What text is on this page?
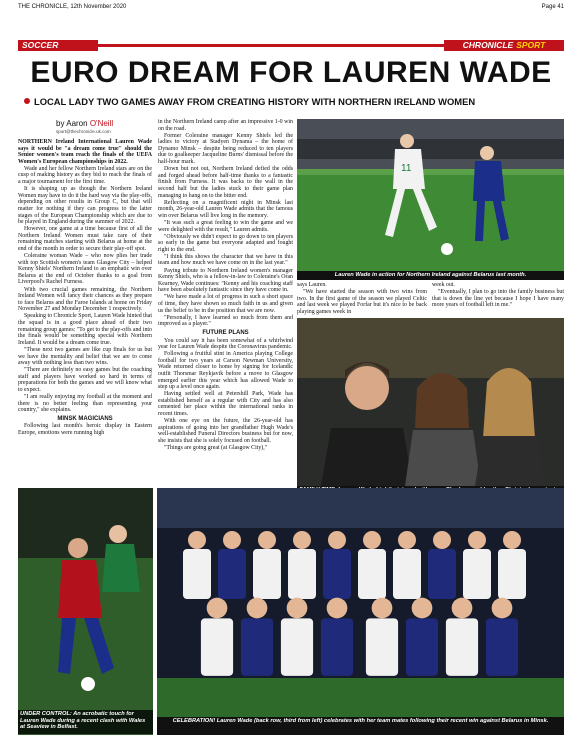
THE CHRONICLE, 12th November 2020	Page 41
SOCCER	CHRONICLE SPORT
EURO DREAM FOR LAUREN WADE
LOCAL LADY TWO GAMES AWAY FROM CREATING HISTORY WITH NORTHERN IRELAND WOMEN
by Aaron O'Neill
sport@thechronicle.uk.com

NORTHERN Ireland International Lauren Wade says it would be "a dream come true" should the Senior women's team reach the finals of the UEFA Women's European championships in 2022.

Wade and her fellow Northern Ireland stars are on the cusp of making history as they bid to reach the finals of a major tournament for the first time.

It is shaping up as though the Northern Ireland Women may have to do it the hard way via the play-offs, depending on other results in Group C, but that will matter for nothing if they can progress to the latter stages of the European Championship which are due to be played in England during the summer of 2022.

However, one game at a time because first of all the Northern Ireland Women must take care of their remaining matches starting with Belarus at home at the end of the month in order to secure their play-off spot.

Coleraine woman Wade – who now plies her trade with top Scottish women's team Glasgow City – helped Kenny Shiels' Northern Ireland to an emphatic win over Belarus at the end of October thanks to a goal from Liverpool's Rachel Furness.

With two crucial games remaining, the Northern Ireland Women will fancy their chances as they prepare to face Belarus and the Faroe Islands at home on Friday November 27 and Monday December 1 respectively.

Speaking to Chronicle Sport, Lauren Wade hinted that the squad is in a good place ahead of their two remaining group games: "To get to the play-offs and into the finals would be something special with Northern Ireland. It would be a dream come true.

"These next two games are like cup finals for us but we have the mentality and belief that we are to come away with nothing less than two wins.

"There are definitely no easy games but the coaching staff and players have worked so hard in terms of preparations for both the games and we will know what to expect.

"I am really enjoying my football at the moment and there is no better feeling than representing your country," she explains.

MINSK MAGICIANS

Following last month's heroic display in Eastern Europe, emotions were running high

in the Northern Ireland camp after an impressive 1-0 win on the road.

Former Coleraine manager Kenny Shiels led the ladies to victory at Stadyen Dynama – the home of Dynamo Minsk – despite being reduced to ten players due to goalkeeper Jacqueline Burns' dismissal before the half-hour mark.

Down but not out, Northern Ireland defied the odds and forged ahead before half-time thanks to a fantastic finish from Furness. It was backs to the wall in the second half but the ladies stuck to their game plan managing to hang on to the bitter end.

Reflecting on a magnificent night in Minsk last month, 26-year-old Lauren Wade admits that the famous win over Belarus will live long in the memory.

"It was such a great feeling to win the game and we were delighted with the result," Lauren admits.

"Obviously we didn't expect to go down to ten players so early in the game but everyone adapted and fought right to the end.

"I think this shows the character that we have in this team and how much we have come on in the last year."

Paying tribute to Northern Ireland women's manager Kenny Shiels, who is a fellow-in-law to Coleraine's Oran Kearney, Wade continues: "Kenny and his coaching staff have been absolutely fantastic since they have come in.

"We have made a lot of progress in such a short space of time, they have shown so much faith in us and given us the belief to be in the position that we are now.

"Personally, I have learned so much from them and improved as a player."

FUTURE PLANS

You could say it has been somewhat of a whirlwind year for Lauren Wade despite the Coronavirus pandemic.

Following a fruitful stint in America playing College football for two years at Carson Newman University, Wade returned closer to home by signing for Icelandic outfit Thorsmar Reykjavik before a move to Glasgow emerged earlier this year which has allowed Wade to step up a level once again.

Having settled well at Petershill Park, Wade has established herself as a regular with City and has also cemented her place within the international ranks in recent times.

With one eye on the future, the 26-year-old has aspirations of going into her grandfather Hugh Wade's well-established Funeral Directors business but for now, she insists that she is solely focused on football.

"Things are going great (at Glasgow City),"

11
Lauren Wade in action for Northern Ireland against Belarus last month.

says Lauren.

"We have started the season with two wins from two. In the first game of the season we played Celtic and last week we played Forfar but it's nice to be back playing games week in

week out.

"Eventually, I plan to go into the family business but that is down the line yet because I hope I have many more years of football left in me."

UNDER CONTROL: An acrobatic touch for Lauren Wade during a recent clash with Wales at Seaview in Belfast.
CELEBRATION! Lauren Wade (back row, third from left) celebrates with her team mates following their recent win against Belarus in Minsk.
